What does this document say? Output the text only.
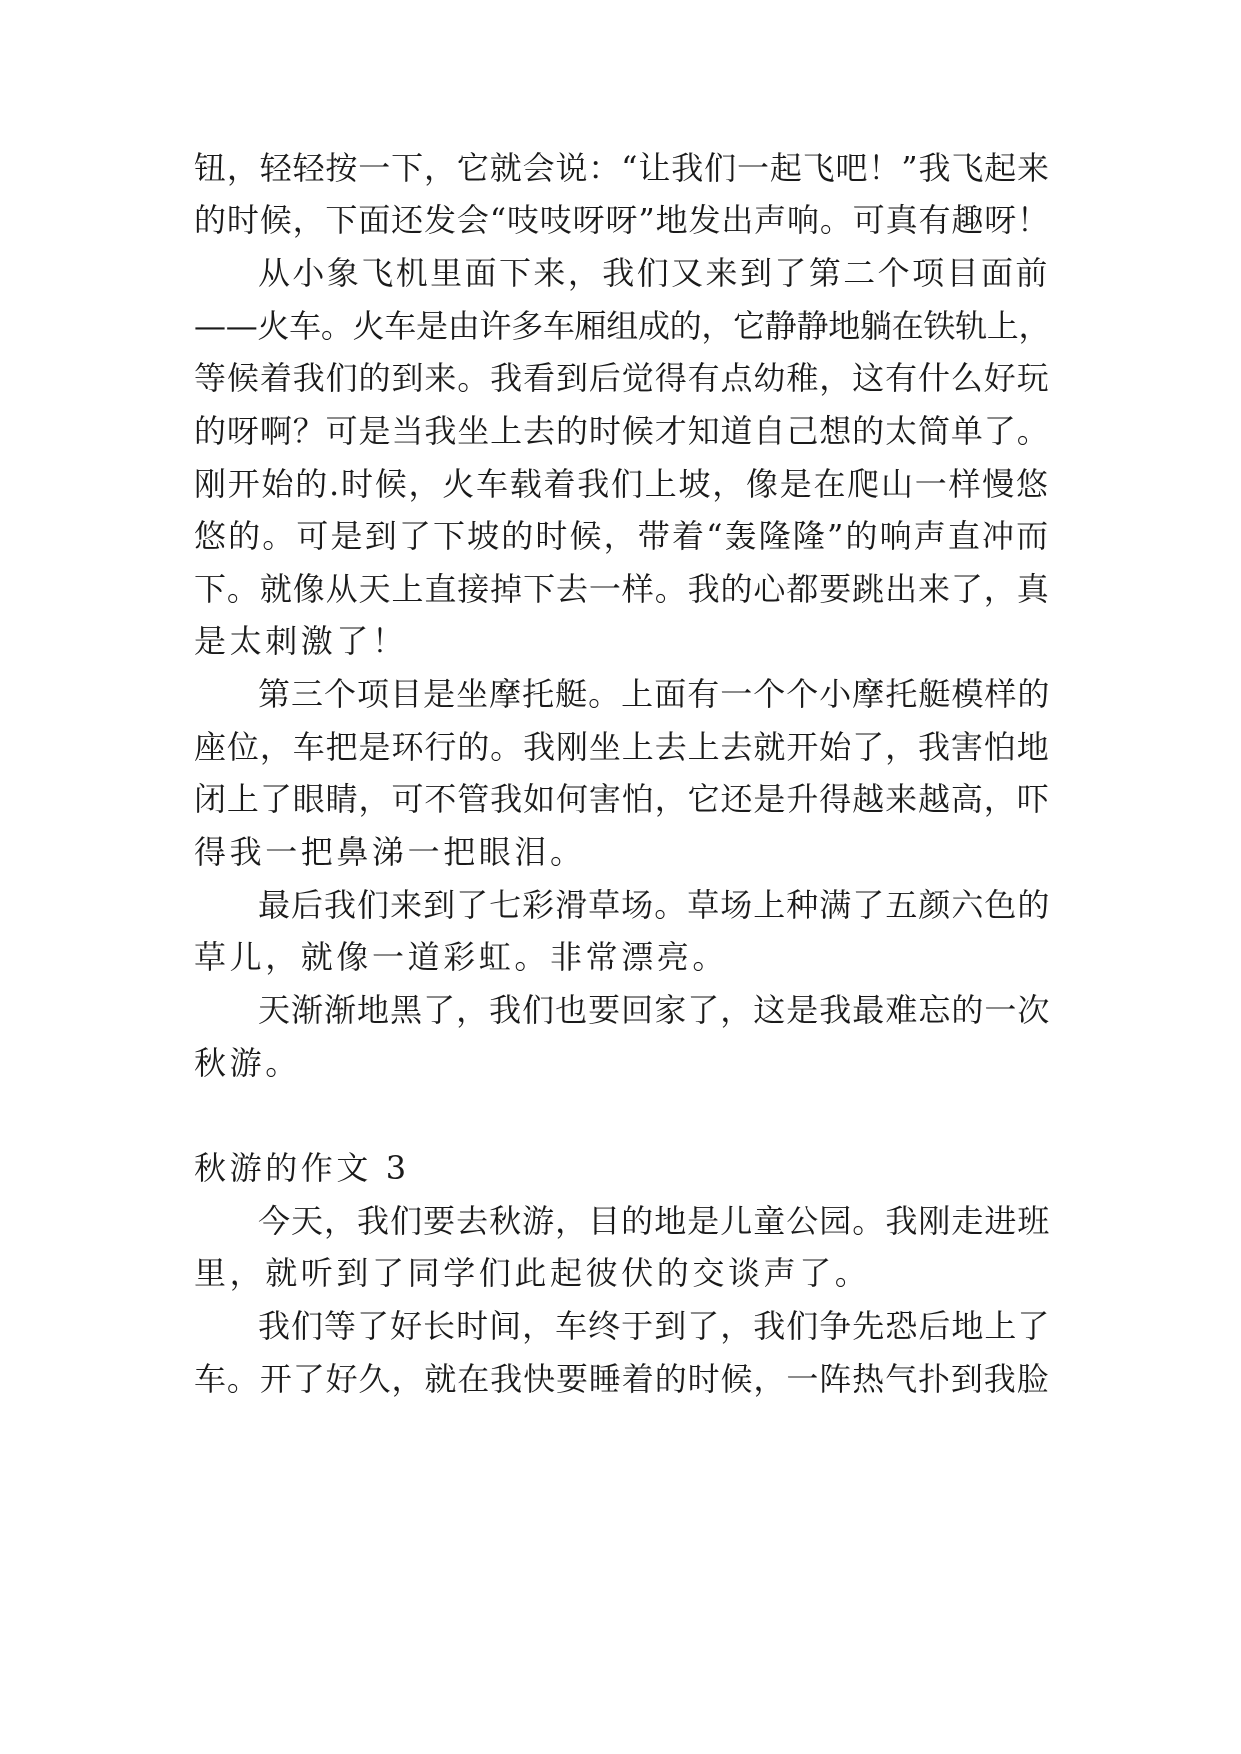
钮，轻轻按一下，它就会说：“让我们一起飞吧！”我飞起来
的时候，下面还发会“吱吱呀呀”地发出声响。可真有趣呀！
从小象飞机里面下来，我们又来到了第二个项目面前
——火车。火车是由许多车厢组成的，它静静地躺在铁轨上，
等候着我们的到来。我看到后觉得有点幼稚，这有什么好玩
的呀啊？可是当我坐上去的时候才知道自己想的太简单了。
刚开始的.时候，火车载着我们上坡，像是在爬山一样慢悠
悠的。可是到了下坡的时候，带着“轰隆隆”的响声直冲而
下。就像从天上直接掉下去一样。我的心都要跳出来了，真
是太刺激了！
第三个项目是坐摩托艇。上面有一个个小摩托艇模样的
座位，车把是环行的。我刚坐上去上去就开始了，我害怕地
闭上了眼睛，可不管我如何害怕，它还是升得越来越高，吓
得我一把鼻涕一把眼泪。
最后我们来到了七彩滑草场。草场上种满了五颜六色的
草儿，就像一道彩虹。非常漂亮。
天渐渐地黑了，我们也要回家了，这是我最难忘的一次
秋游。
秋游的作文 3
今天，我们要去秋游，目的地是儿童公园。我刚走进班
里，就听到了同学们此起彼伏的交谈声了。
我们等了好长时间，车终于到了，我们争先恐后地上了
车。开了好久，就在我快要睡着的时候，一阵热气扑到我脸
